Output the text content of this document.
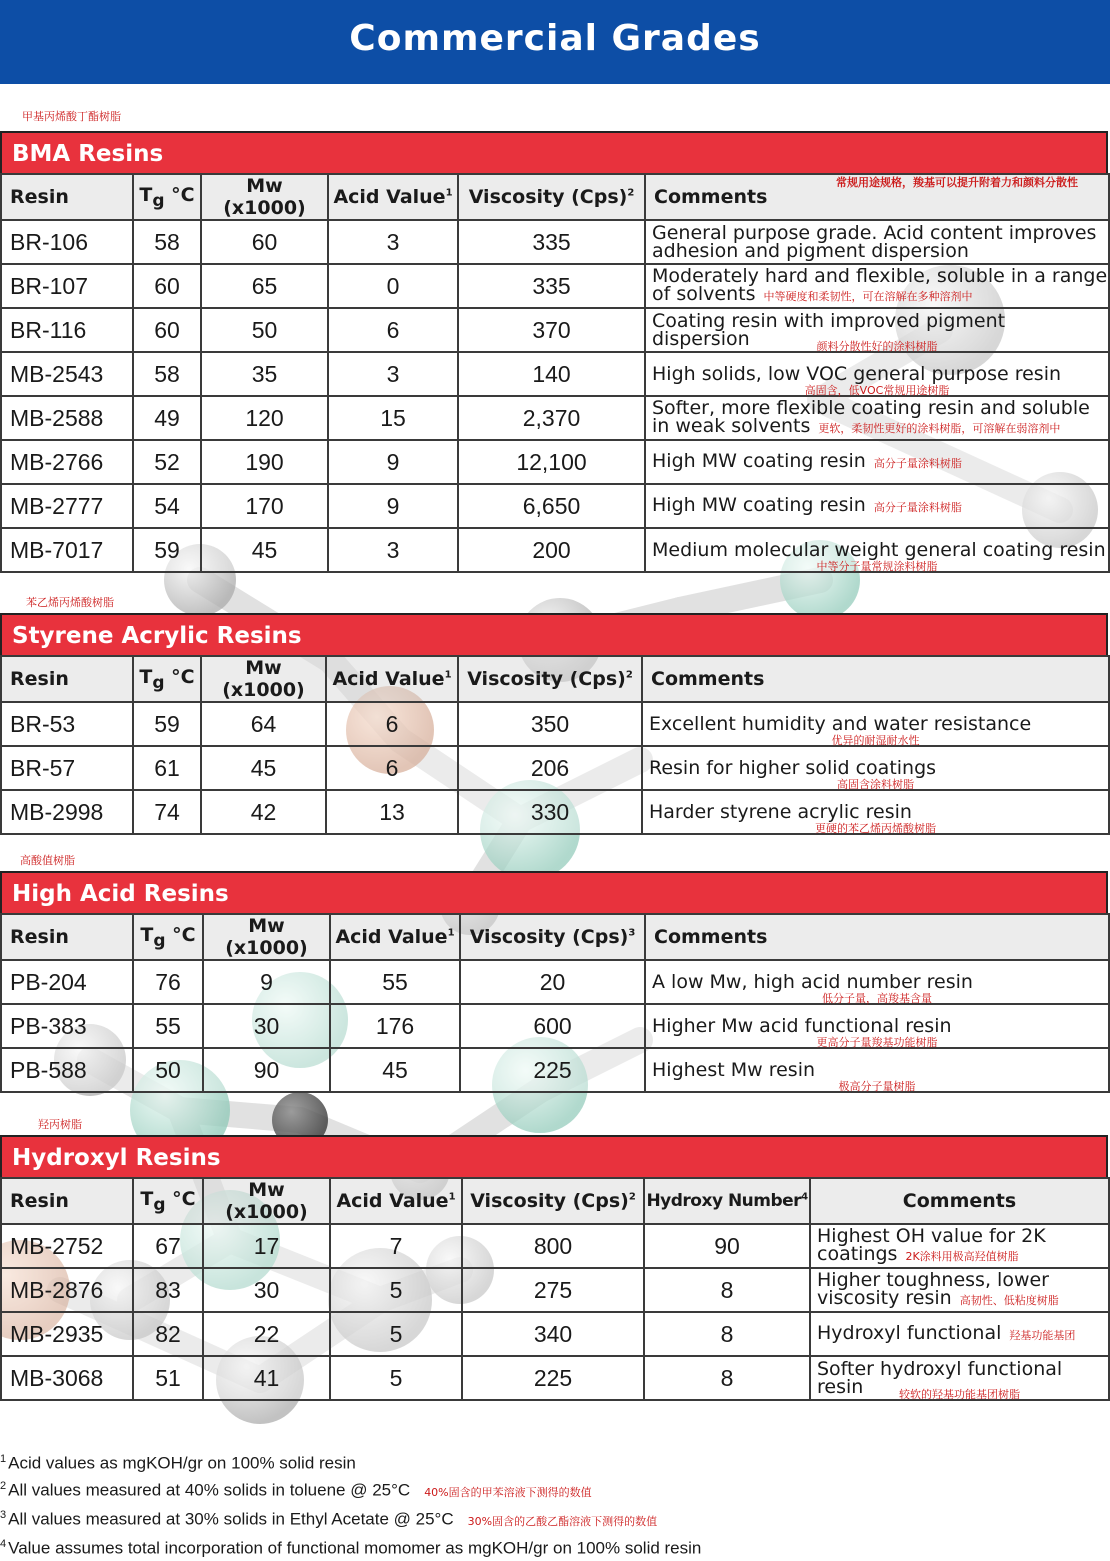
Commercial Grades
甲基丙烯酸丁酯树脂
BMA Resins
Resin	$T_g$ °C	Mw (x1000)	Acid Value$^1$	Viscosity (Cps)$^2$	Comments
常规用途规格，羧基可以提升附着力和颜料分散性

BR-106	58	60	3	335	General purpose grade. Acid content improves adhesion and pigment dispersion
BR-107	60	65	0	335	Moderately hard and flexible, soluble in a range of solvents 中等硬度和柔韧性，可在溶解在多种溶剂中
BR-116	60	50	6	370	Coating resin with improved pigment dispersion 颜料分散性好的涂料树脂

MB-2543	58	35	3	140	High solids, low VOC general purpose resin
高固含，低VOC常规用途树脂

MB-2588	49	120	15	2,370	Softer, more flexible coating resin and soluble in weak solvents 更软，柔韧性更好的涂料树脂，可溶解在弱溶剂中
MB-2766	52	190	9	12,100	High MW coating resin 高分子量涂料树脂
MB-2777	54	170	9	6,650	High MW coating resin 高分子量涂料树脂
MB-7017	59	45	3	200	Medium molecular weight general coating resin
中等分子量常规涂料树脂
苯乙烯丙烯酸树脂
Styrene Acrylic Resins
Resin	$T_g$ °C	Mw (x1000)	Acid Value$^1$	Viscosity (Cps)$^2$	Comments
BR-53	59	64	6	350	Excellent humidity and water resistance
优异的耐湿耐水性

BR-57	61	45	6	206	Resin for higher solid coatings
高固含涂料树脂

MB-2998	74	42	13	330	Harder styrene acrylic resin
更硬的苯乙烯丙烯酸树脂
高酸值树脂
High Acid Resins
Resin	$T_g$ °C	Mw (x1000)	Acid Value$^1$	Viscosity (Cps)$^3$	Comments
PB-204	76	9	55	20	A low Mw, high acid number resin
低分子量，高羧基含量

PB-383	55	30	176	600	Higher Mw acid functional resin
更高分子量羧基功能树脂

PB-588	50	90	45	225	Highest Mw resin
极高分子量树脂
羟丙树脂
Hydroxyl Resins
Resin	$T_g$ °C	Mw (x1000)	Acid Value$^1$	Viscosity (Cps)$^2$	Hydroxy Number$^4$	Comments
MB-2752	67	17	7	800	90	Highest OH value for 2K coatings 2K涂料用极高羟值树脂
MB-2876	83	30	5	275	8	Higher toughness, lower viscosity resin 高韧性、低粘度树脂
MB-2935	82	22	5	340	8	Hydroxyl functional 羟基功能基团
MB-3068	51	41	5	225	8	Softer hydroxyl functional resin 较软的羟基功能基团树脂
$^1$ Acid values as mgKOH/gr on 100% solid resin
$^2$ All values measured at 40% solids in toluene @ 25°C 40%固含的甲苯溶液下测得的数值
$^3$ All values measured at 30% solids in Ethyl Acetate @ 25°C 30%固含的乙酸乙酯溶液下测得的数值
$^4$ Value assumes total incorporation of functional momomer as mgKOH/gr on 100% solid resin
